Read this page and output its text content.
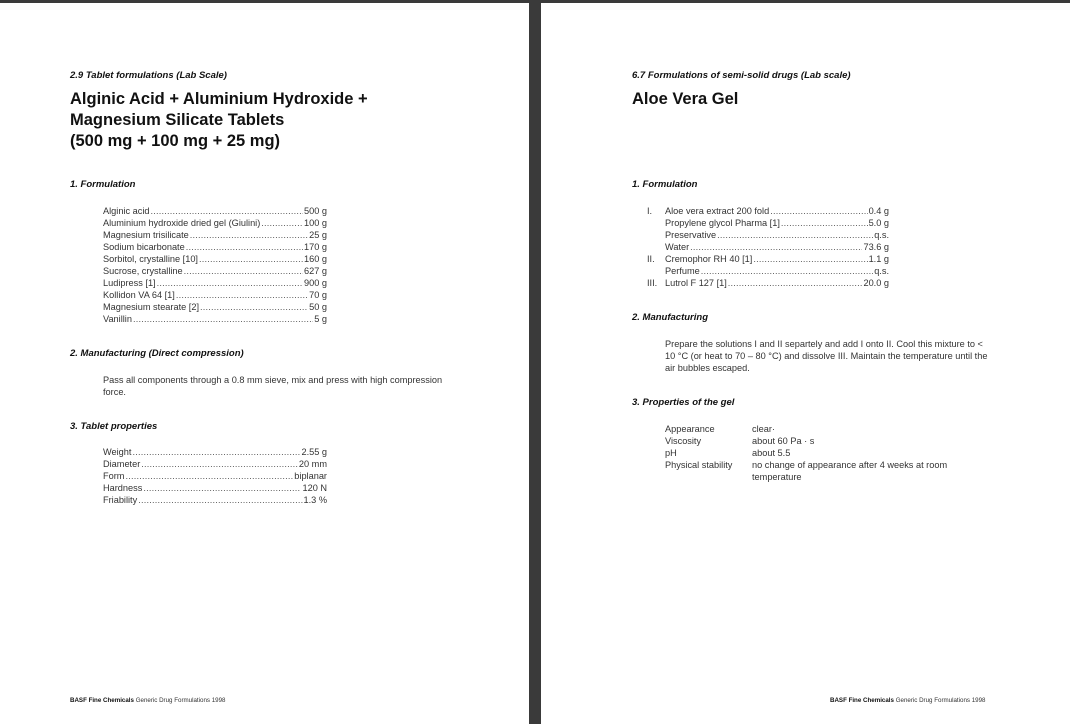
2.9 Tablet formulations (Lab Scale)
Alginic Acid + Aluminium Hydroxide +
Magnesium Silicate Tablets
(500 mg + 100 mg + 25 mg)
1. Formulation
Alginic acid .....	500 g
Aluminium hydroxide dried gel (Giulini) .....	100 g
Magnesium trisilicate .....	25 g
Sodium bicarbonate .....	170 g
Sorbitol, crystalline [10] .....	160 g
Sucrose, crystalline .....	627 g
Ludipress [1] .....	900 g
Kollidon VA 64 [1] .....	70 g
Magnesium stearate [2] .....	50 g
Vanillin .....	5 g
2. Manufacturing (Direct compression)
Pass all components through a 0.8 mm sieve, mix and press with high compression force.
3. Tablet properties
Weight .....	2.55 g
Diameter .....	20 mm
Form .....	biplanar
Hardness .....	120 N
Friability .....	1.3 %
BASF Fine Chemicals Generic Drug Formulations 1998
6.7 Formulations of semi-solid drugs (Lab scale)
Aloe Vera Gel
1. Formulation
I.	Aloe vera extract 200 fold .....	0.4 g
Propylene glycol Pharma [1] .....	5.0 g
Preservative .....	q.s.
Water .....	73.6 g
II.	Cremophor RH 40 [1] .....	1.1 g
Perfume .....	q.s.
III. Lutrol F 127 [1] .....	20.0 g
2. Manufacturing
Prepare the solutions I and II separtely and add I onto II. Cool this mixture to < 10 °C (or heat to 70 – 80 °C) and dissolve III. Maintain the temperature until the air bubbles escaped.
3. Properties of the gel
Appearance	clear·
Viscosity	about 60 Pa · s
pH	about 5.5
Physical stability	no change of appearance after 4 weeks at room temperature
BASF Fine Chemicals Generic Drug Formulations 1998
